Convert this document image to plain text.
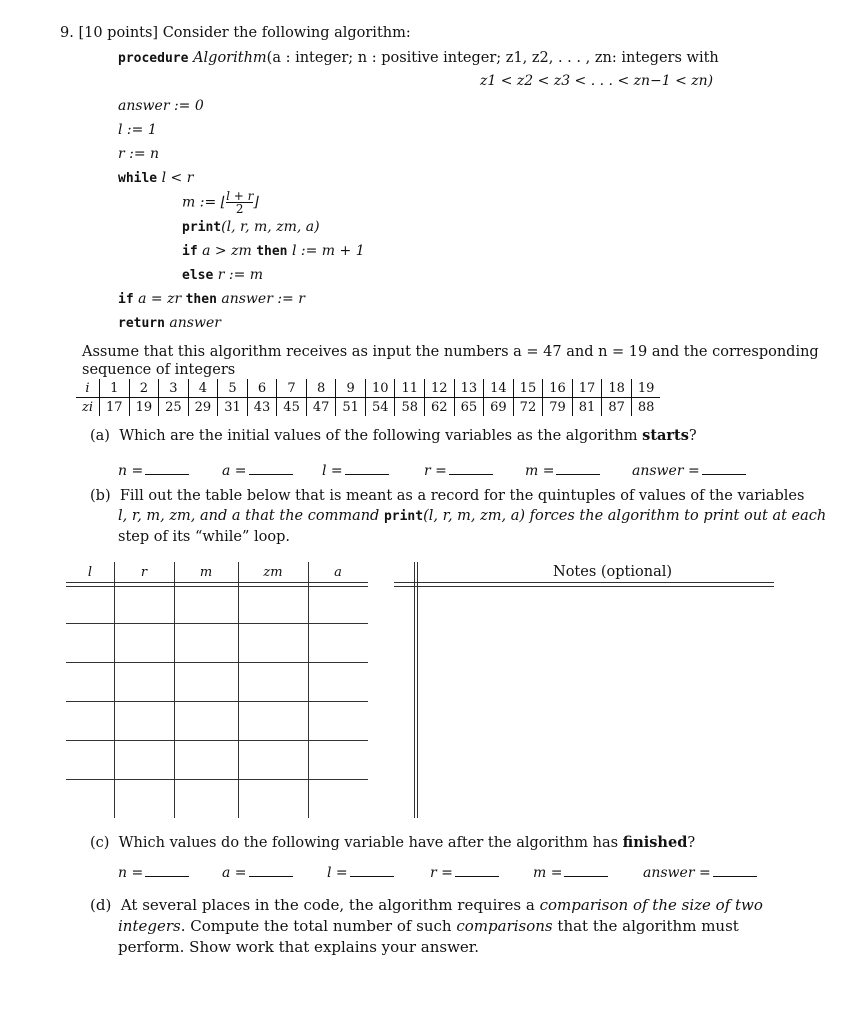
9. [10 points] Consider the following algorithm:
procedure Algorithm(a : integer; n : positive integer; z1, z2, . . . , zn: integers with
z1 < z2 < z3 < . . . < zn−1 < zn)
answer := 0
l := 1
r := n
while l < r
m := ⌊ $\frac{l + r}{2}$ ⌋
print(l, r, m, zm, a)
if a > zm then l := m + 1
else r := m
if a = zr then answer := r
return answer
Assume that this algorithm receives as input the numbers a = 47 and n = 19 and the corresponding
sequence of integers
i	1	2	3	4	5	6	7	8	9	10	11	12	13	14	15	16	17	18	19
zi	17	19	25	29	31	43	45	47	51	54	58	62	65	69	72	79	81	87	88
(a) Which are the initial values of the following variables as the algorithm starts?
n =	a =	l =	r =	m =	answer =
(b) Fill out the table below that is meant as a record for the quintuples of values of the variables
l, r, m, zm, and a that the command print(l, r, m, zm, a) forces the algorithm to print out at each
step of its “while” loop.
l	r	m	zm	a	Notes (optional)
(c) Which values do the following variable have after the algorithm has finished?
n =	a =	l =	r =	m =	answer =
(d) At several places in the code, the algorithm requires a comparison of the size of two
integers. Compute the total number of such comparisons that the algorithm must
perform. Show work that explains your answer.
